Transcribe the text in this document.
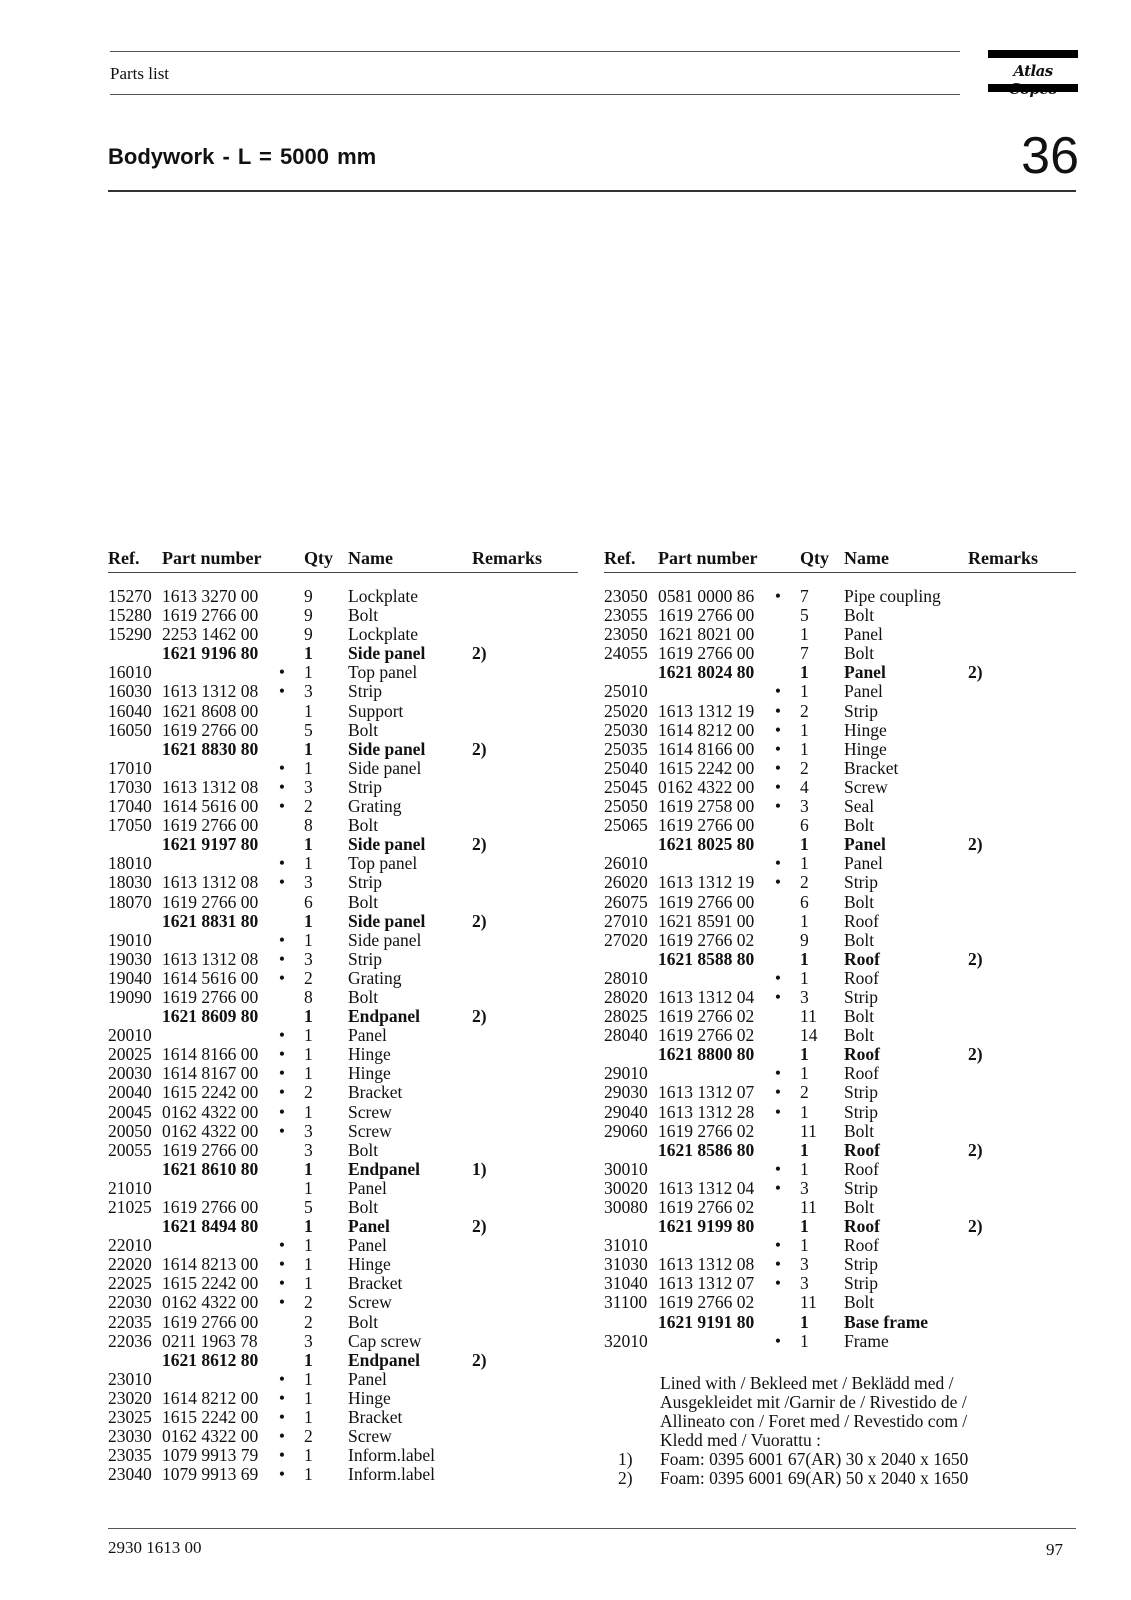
Parts list	Atlas
Bodywork - L = 5000 mm	36
Ref. Part number Qty Name	Remarks
15270 1613 3270 00	9 Lockplate
15280 1619 2766 00	9 Bolt
15290 2253 1462 00	9 Lockplate
1621 9196 80	1 Side panel	2)
16010	• 1 Top panel
16030 1613 1312 08 • 3 Strip
16040 1621 8608 00	1 Support
16050 1619 2766 00	5 Bolt
1621 8830 80	1 Side panel	2)
17010	• 1 Side panel
17030 1613 1312 08 • 3 Strip
17040 1614 5616 00 • 2 Grating
17050 1619 2766 00	8 Bolt
1621 9197 80	1 Side panel	2)
18010	• 1 Top panel
18030 1613 1312 08 • 3 Strip
18070 1619 2766 00	6 Bolt
1621 8831 80	1 Side panel	2)
19010	• 1 Side panel
19030 1613 1312 08 • 3 Strip
19040 1614 5616 00 • 2 Grating
19090 1619 2766 00	8 Bolt
1621 8609 80	1 Endpanel	2)
20010	• 1 Panel
20025 1614 8166 00 • 1 Hinge
20030 1614 8167 00 • 1 Hinge
20040 1615 2242 00 • 2 Bracket
20045 0162 4322 00 • 1 Screw
20050 0162 4322 00 • 3 Screw
20055 1619 2766 00	3 Bolt
1621 8610 80	1 Endpanel	1)
21010	1 Panel
21025 1619 2766 00	5 Bolt
1621 8494 80	1 Panel	2)
22010	• 1 Panel
22020 1614 8213 00 • 1 Hinge
22025 1615 2242 00 • 1 Bracket
22030 0162 4322 00 • 2 Screw
22035 1619 2766 00	2 Bolt
22036 0211 1963 78	3 Cap screw
1621 8612 80	1 Endpanel	2)
23010	• 1 Panel
23020 1614 8212 00 • 1 Hinge
23025 1615 2242 00 • 1 Bracket
23030 0162 4322 00 • 2 Screw
23035 1079 9913 79 • 1 Inform.label
23040 1079 9913 69 • 1 Inform.label
Ref. Part number Qty Name	Remarks
23050 0581 0000 86 • 7 Pipe coupling
23055 1619 2766 00	5 Bolt
23050 1621 8021 00	1 Panel
24055 1619 2766 00	7 Bolt
1621 8024 80	1 Panel	2)
25010	• 1 Panel
25020 1613 1312 19 • 2 Strip
25030 1614 8212 00 • 1 Hinge
25035 1614 8166 00 • 1 Hinge
25040 1615 2242 00 • 2 Bracket
25045 0162 4322 00 • 4 Screw
25050 1619 2758 00 • 3 Seal
25065 1619 2766 00	6 Bolt
1621 8025 80	1 Panel	2)
26010	• 1 Panel
26020 1613 1312 19 • 2 Strip
26075 1619 2766 00	6 Bolt
27010 1621 8591 00	1 Roof
27020 1619 2766 02	9 Bolt
1621 8588 80	1 Roof	2)
28010	• 1 Roof
28020 1613 1312 04 • 3 Strip
28025 1619 2766 02	11 Bolt
28040 1619 2766 02	14 Bolt
1621 8800 80	1 Roof	2)
29010	• 1 Roof
29030 1613 1312 07 • 2 Strip
29040 1613 1312 28 • 1 Strip
29060 1619 2766 02	11 Bolt
1621 8586 80	1 Roof	2)
30010	• 1 Roof
30020 1613 1312 04 • 3 Strip
30080 1619 2766 02	11 Bolt
1621 9199 80	1 Roof	2)
31010	• 1 Roof
31030 1613 1312 08 • 3 Strip
31040 1613 1312 07 • 3 Strip
31100 1619 2766 02	11 Bolt
1621 9191 80	1 Base frame
32010	• 1 Frame
Lined with / Bekleed met / Beklädd med /
Ausgekleidet mit /Garnir de / Rivestido de /
Allineato con / Foret med / Revestido com /
Kledd med / Vuorattu :
1) Foam: 0395 6001 67(AR) 30 x 2040 x 1650
2) Foam: 0395 6001 69(AR) 50 x 2040 x 1650
2930 1613 00	97
